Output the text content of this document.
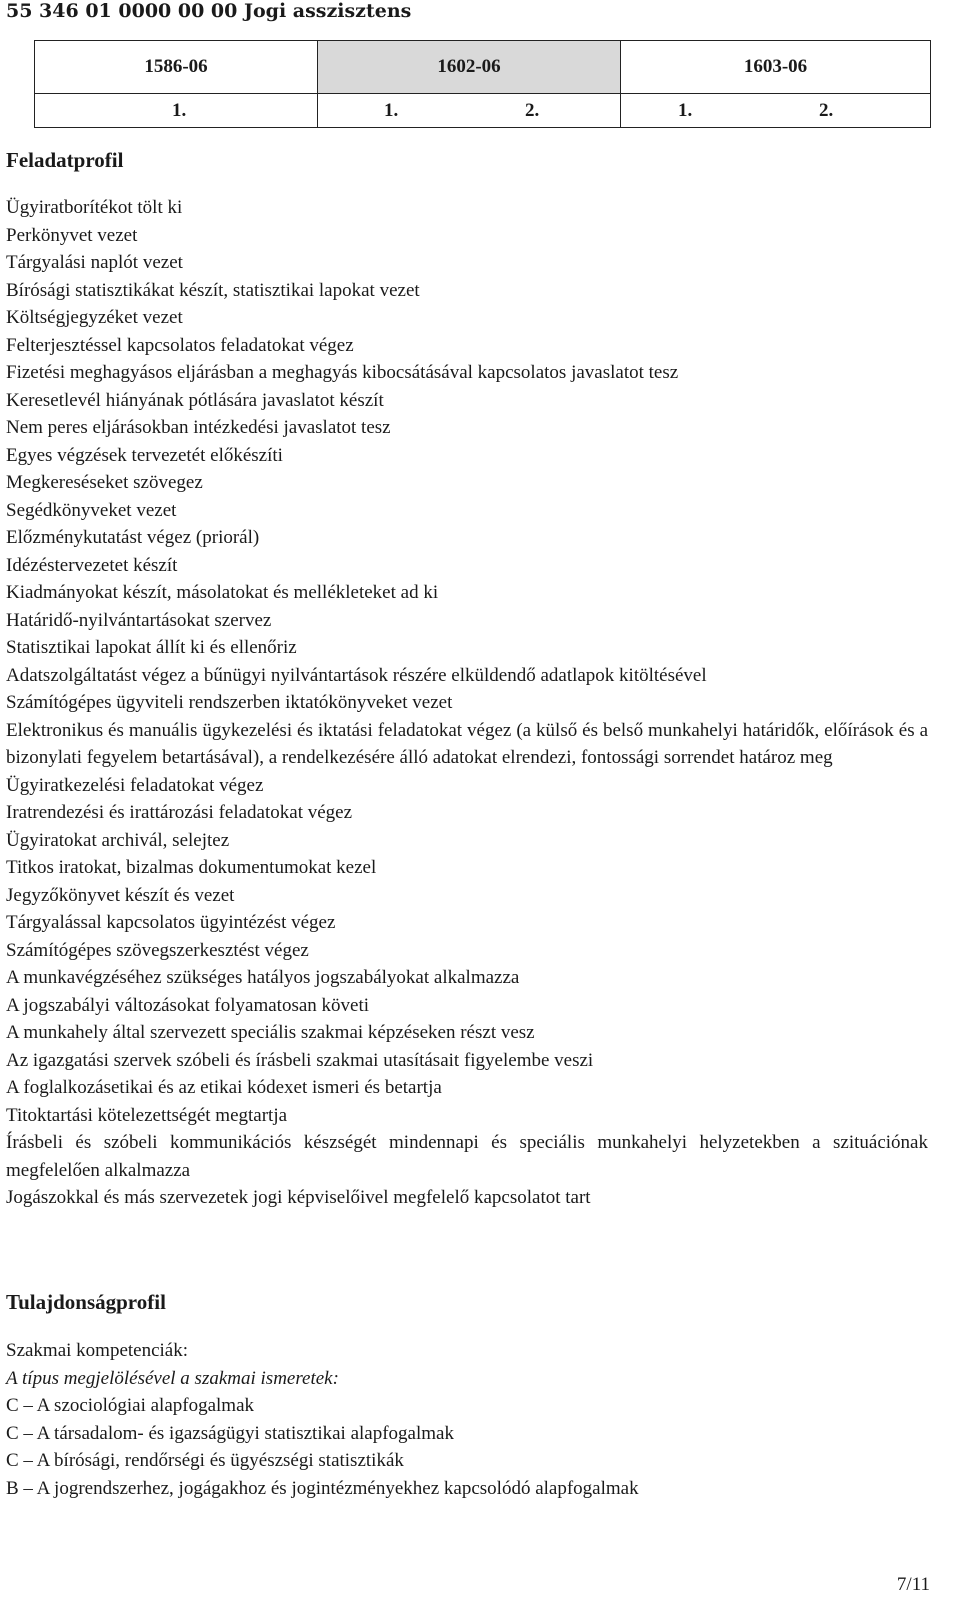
55 346 01 0000 00 00 Jogi asszisztens
1586-06	1602-06	1603-06

1.	1. 2.	1. 2.
Feladatprofil
Ügyiratborítékot tölt ki
Perkönyvet vezet
Tárgyalási naplót vezet
Bírósági statisztikákat készít, statisztikai lapokat vezet
Költségjegyzéket vezet
Felterjesztéssel kapcsolatos feladatokat végez
Fizetési meghagyásos eljárásban a meghagyás kibocsátásával kapcsolatos javaslatot tesz
Keresetlevél hiányának pótlására javaslatot készít
Nem peres eljárásokban intézkedési javaslatot tesz
Egyes végzések tervezetét előkészíti
Megkereséseket szövegez
Segédkönyveket vezet
Előzménykutatást végez (priorál)
Idézéstervezetet készít
Kiadmányokat készít, másolatokat és mellékleteket ad ki
Határidő-nyilvántartásokat szervez
Statisztikai lapokat állít ki és ellenőriz
Adatszolgáltatást végez a bűnügyi nyilvántartások részére elküldendő adatlapok kitöltésével
Számítógépes ügyviteli rendszerben iktatókönyveket vezet
Elektronikus és manuális ügykezelési és iktatási feladatokat végez (a külső és belső munkahelyi határidők, előírások és a bizonylati fegyelem betartásával), a rendelkezésére álló adatokat elrendezi, fontossági sorrendet határoz meg
Ügyiratkezelési feladatokat végez
Iratrendezési és irattározási feladatokat végez
Ügyiratokat archivál, selejtez
Titkos iratokat, bizalmas dokumentumokat kezel
Jegyzőkönyvet készít és vezet
Tárgyalással kapcsolatos ügyintézést végez
Számítógépes szövegszerkesztést végez
A munkavégzéséhez szükséges hatályos jogszabályokat alkalmazza
A jogszabályi változásokat folyamatosan követi
A munkahely által szervezett speciális szakmai képzéseken részt vesz
Az igazgatási szervek szóbeli és írásbeli szakmai utasításait figyelembe veszi
A foglalkozásetikai és az etikai kódexet ismeri és betartja
Titoktartási kötelezettségét megtartja
Írásbeli és szóbeli kommunikációs készségét mindennapi és speciális munkahelyi helyzetekben a szituációnak megfelelően alkalmazza
Jogászokkal és más szervezetek jogi képviselőivel megfelelő kapcsolatot tart
Tulajdonságprofil
Szakmai kompetenciák:
A típus megjelölésével a szakmai ismeretek:
C – A szociológiai alapfogalmak
C – A társadalom- és igazságügyi statisztikai alapfogalmak
C – A bírósági, rendőrségi és ügyészségi statisztikák
B – A jogrendszerhez, jogágakhoz és jogintézményekhez kapcsolódó alapfogalmak
7/11
